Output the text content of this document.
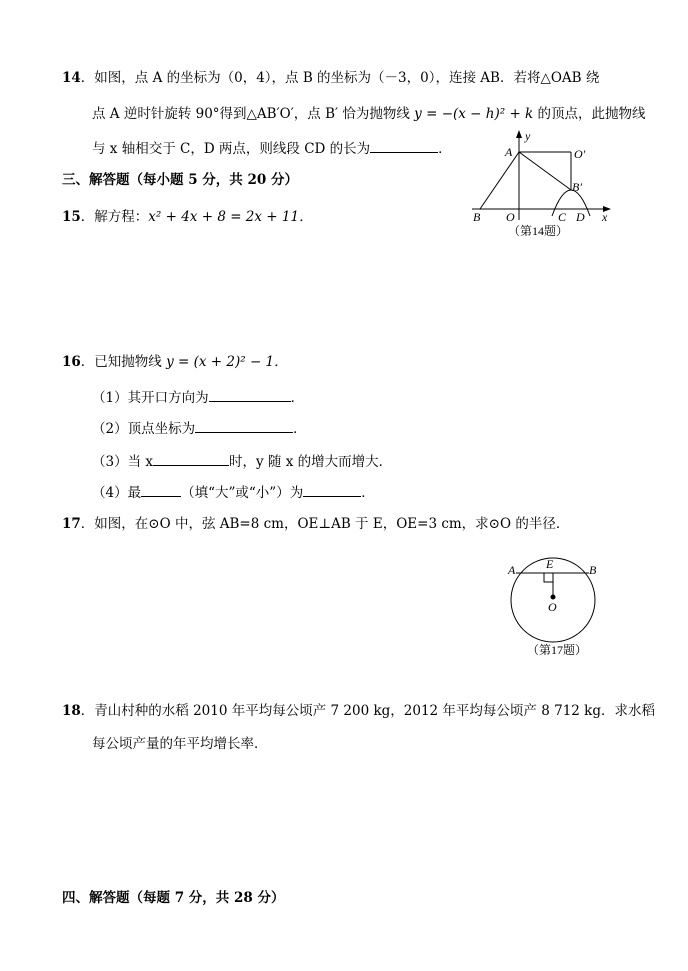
14．如图，点 A 的坐标为（0，4），点 B 的坐标为（－3，0），连接 AB．若将△OAB 绕
点 A 逆时针旋转 90°得到△AB′O′，点 B′ 恰为抛物线 y = −(x − h)² + k 的顶点，此抛物线
与 x 轴相交于 C，D 两点，则线段 CD 的长为	．
y
A	O′
B′
B O	C D x
（第14题）
三、解答题（每小题 5 分，共 20 分）
15．解方程：x² + 4x + 8 = 2x + 11．
16．已知抛物线 y = (x + 2)² − 1．
（1）其开口方向为	．
（2）顶点坐标为	．
（3）当 x	时，y 随 x 的增大而增大．
（4）最	（填“大”或“小”）为	．
17．如图，在⊙O 中，弦 AB=8 cm，OE⊥AB 于 E，OE=3 cm，求⊙O 的半径．
A	E	B
O
（第17题）
18．青山村种的水稻 2010 年平均每公顷产 7 200 kg，2012 年平均每公顷产 8 712 kg．求水稻
每公顷产量的年平均增长率．
四、解答题（每题 7 分，共 28 分）
